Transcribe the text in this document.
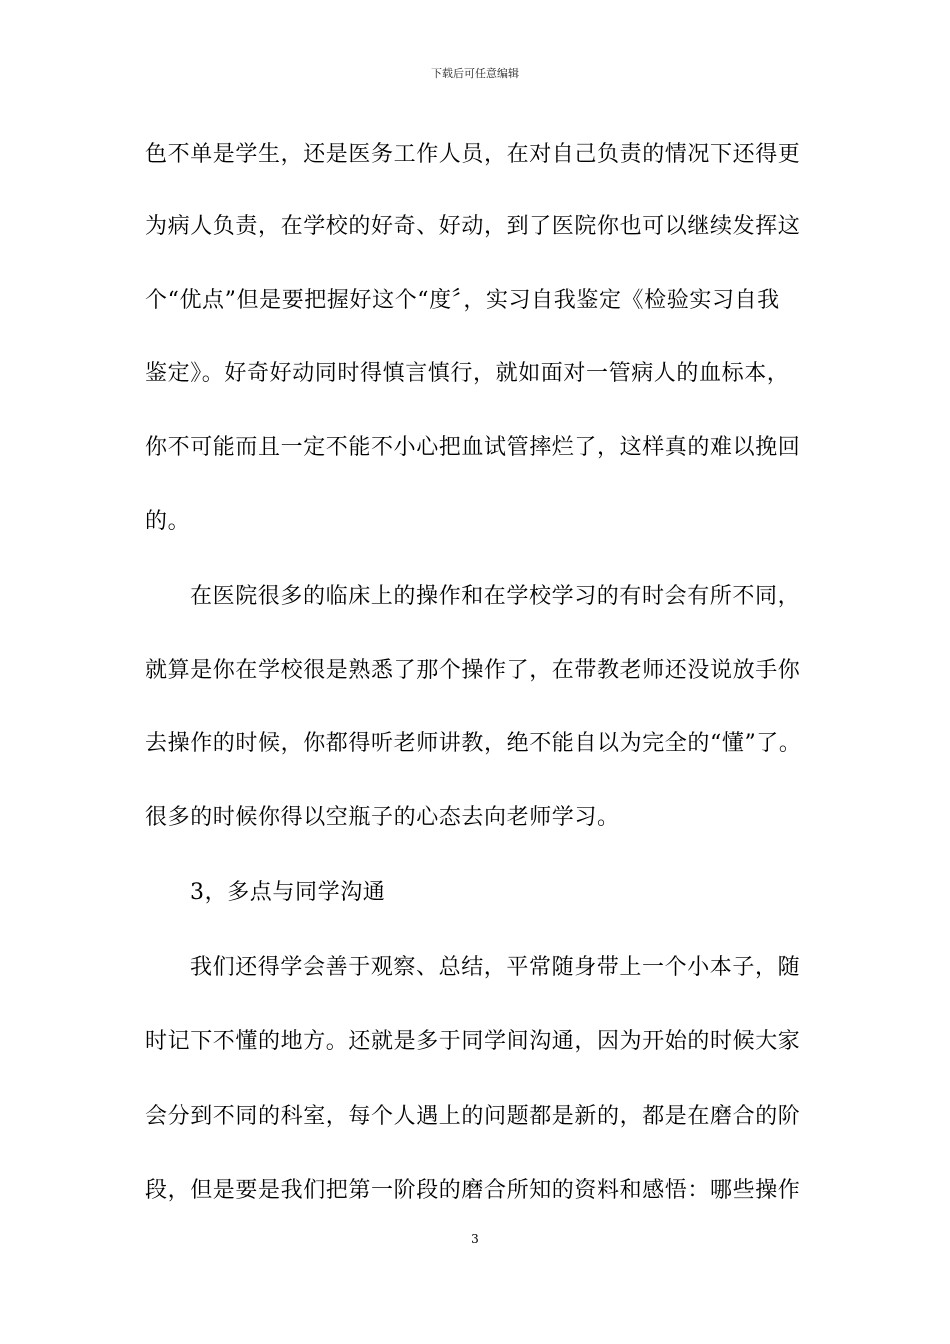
下载后可任意编辑
色不单是学生，还是医务工作人员，在对自己负责的情况下还得更
为病人负责，在学校的好奇、好动，到了医院你也可以继续发挥这
个“优点”但是要把握好这个“度〞，实习自我鉴定《检验实习自我
鉴定》。好奇好动同时得慎言慎行，就如面对一管病人的血标本，
你不可能而且一定不能不小心把血试管摔烂了，这样真的难以挽回
的。
在医院很多的临床上的操作和在学校学习的有时会有所不同，
就算是你在学校很是熟悉了那个操作了，在带教老师还没说放手你
去操作的时候，你都得听老师讲教，绝不能自以为完全的“懂”了。
很多的时候你得以空瓶子的心态去向老师学习。
3，多点与同学沟通
我们还得学会善于观察、总结，平常随身带上一个小本子，随
时记下不懂的地方。还就是多于同学间沟通，因为开始的时候大家
会分到不同的科室，每个人遇上的问题都是新的，都是在磨合的阶
段，但是要是我们把第一阶段的磨合所知的资料和感悟：哪些操作
3
